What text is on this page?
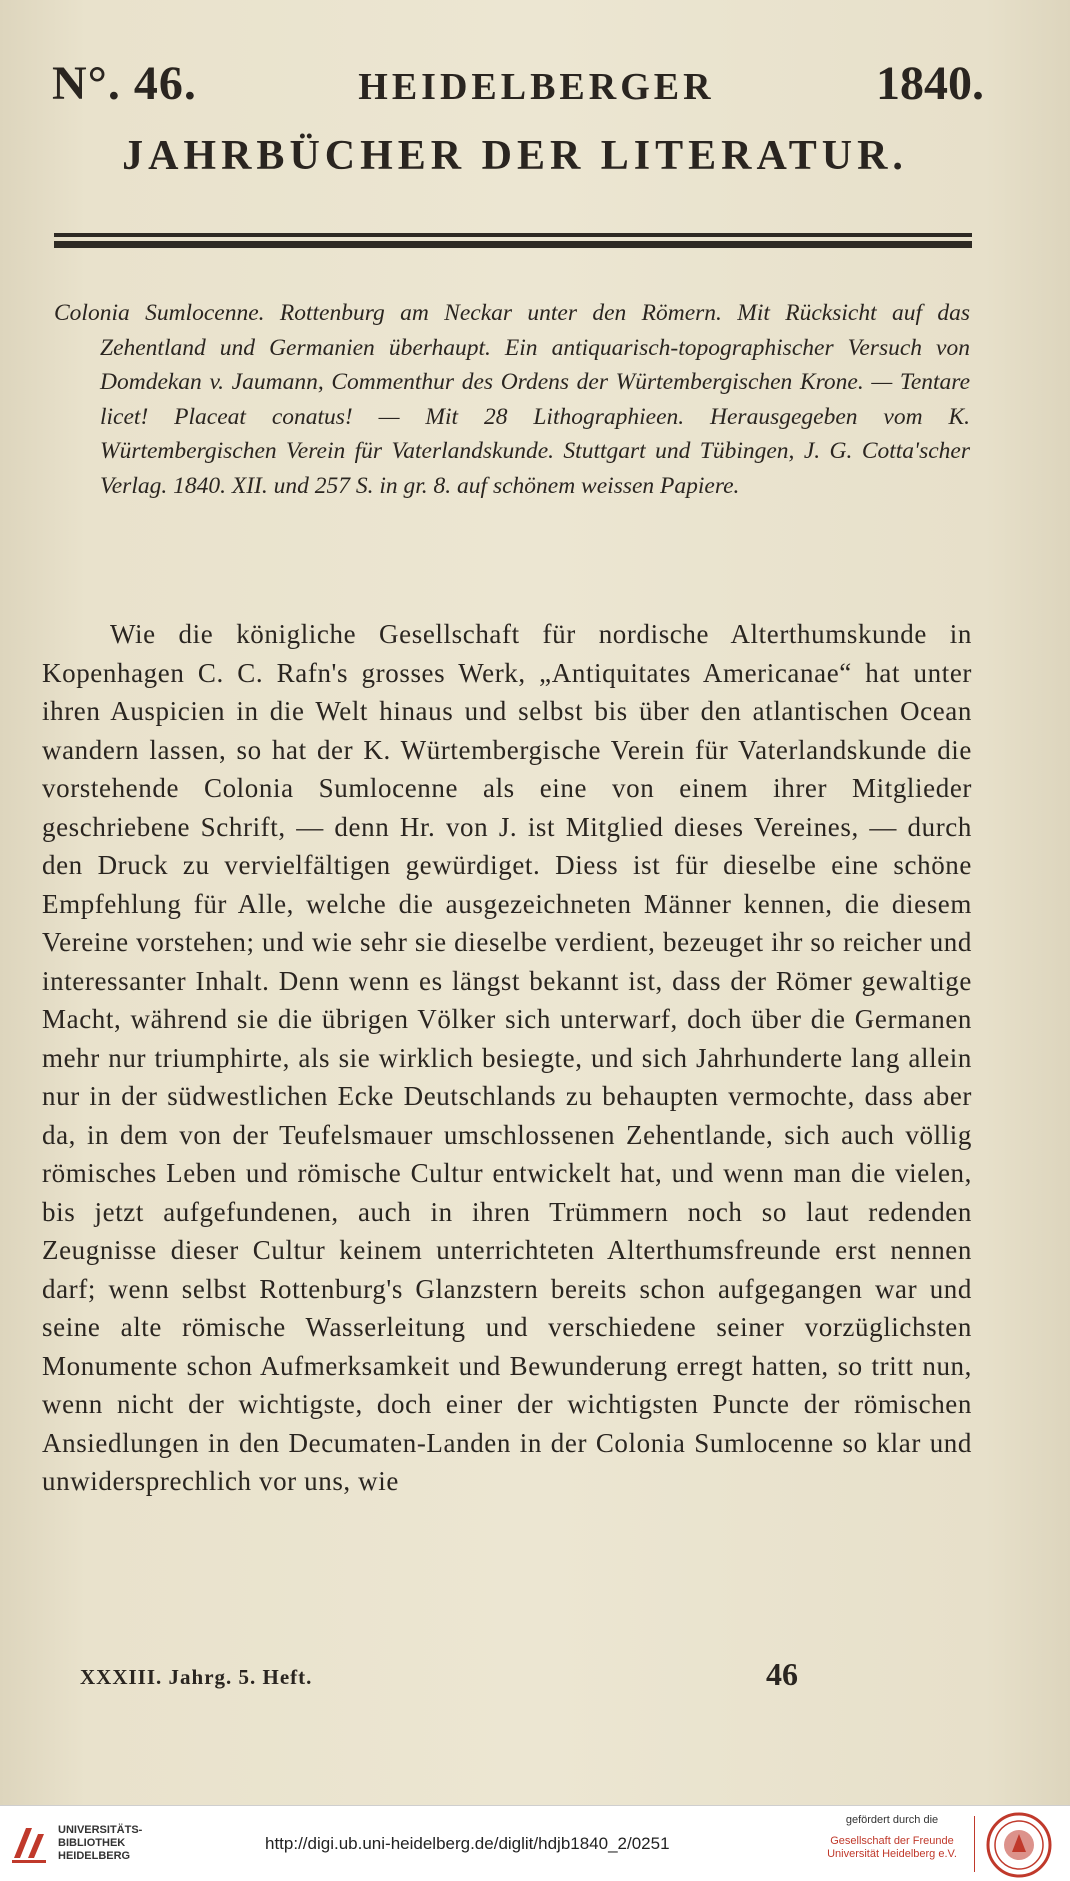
N°. 46.	HEIDELBERGER	1840.
JAHRBÜCHER DER LITERATUR.
Colonia Sumlocenne. Rottenburg am Neckar unter den Römern. Mit Rücksicht auf das Zehentland und Germanien überhaupt. Ein antiquarisch-topographischer Versuch von Domdekan v. Jaumann, Commenthur des Ordens der Würtembergischen Krone. — Tentare licet! Placeat conatus! — Mit 28 Lithographieen. Herausgegeben vom K. Würtembergischen Verein für Vaterlandskunde. Stuttgart und Tübingen, J. G. Cotta'scher Verlag. 1840. XII. und 257 S. in gr. 8. auf schönem weissen Papiere.
Wie die königliche Gesellschaft für nordische Alterthumskunde in Kopenhagen C. C. Rafn's grosses Werk, „Antiquitates Americanae“ hat unter ihren Auspicien in die Welt hinaus und selbst bis über den atlantischen Ocean wandern lassen, so hat der K. Würtembergische Verein für Vaterlandskunde die vorstehende Colonia Sumlocenne als eine von einem ihrer Mitglieder geschriebene Schrift, — denn Hr. von J. ist Mitglied dieses Vereines, — durch den Druck zu vervielfältigen gewürdiget. Diess ist für dieselbe eine schöne Empfehlung für Alle, welche die ausgezeichneten Männer kennen, die diesem Vereine vorstehen; und wie sehr sie dieselbe verdient, bezeuget ihr so reicher und interessanter Inhalt. Denn wenn es längst bekannt ist, dass der Römer gewaltige Macht, während sie die übrigen Völker sich unterwarf, doch über die Germanen mehr nur triumphirte, als sie wirklich besiegte, und sich Jahrhunderte lang allein nur in der südwestlichen Ecke Deutschlands zu behaupten vermochte, dass aber da, in dem von der Teufelsmauer umschlossenen Zehentlande, sich auch völlig römisches Leben und römische Cultur entwickelt hat, und wenn man die vielen, bis jetzt aufgefundenen, auch in ihren Trümmern noch so laut redenden Zeugnisse dieser Cultur keinem unterrichteten Alterthumsfreunde erst nennen darf; wenn selbst Rottenburg's Glanzstern bereits schon aufgegangen war und seine alte römische Wasserleitung und verschiedene seiner vorzüglichsten Monumente schon Aufmerksamkeit und Bewunderung erregt hatten, so tritt nun, wenn nicht der wichtigste, doch einer der wichtigsten Puncte der römischen Ansiedlungen in den Decumaten-Landen in der Colonia Sumlocenne so klar und unwidersprechlich vor uns, wie
XXXIII. Jahrg. 5. Heft.	46
UNIVERSITÄTS-
BIBLIOTHEK
HEIDELBERG
http://digi.ub.uni-heidelberg.de/diglit/hdjb1840_2/0251
gefördert durch die
Gesellschaft der Freunde
Universität Heidelberg e.V.
